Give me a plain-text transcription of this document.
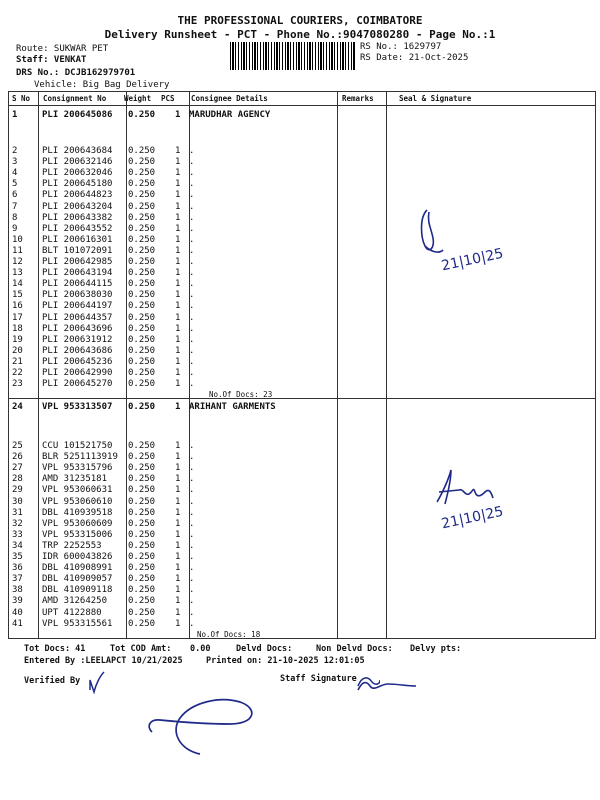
THE PROFESSIONAL COURIERS, COIMBATORE
Delivery Runsheet - PCT - Phone No.:9047080280 - Page No.:1
Route: SUKWAR PET
Staff: VENKAT
DRS No.: DCJB162979701
Vehicle: Big Bag Delivery
RS No.: 1629797
RS Date: 21-Oct-2025
S No Consignment No Weight PCS Consignee Details	Remarks	Seal & Signature
1	PLI 200645086 0.250 1 MARUDHAR AGENCY
2	PLI 200643684 0.250 1 .
3	PLI 200632146 0.250 1 .
4	PLI 200632046 0.250 1 .
5	PLI 200645180 0.250 1 .
6	PLI 200644823 0.250 1 .
7	PLI 200643204 0.250 1 .
8	PLI 200643382 0.250 1 .
9	PLI 200643552 0.250 1 .
10 PLI 200616301 0.250 1 .
11 BLT 101072091 0.250 1 .
12 PLI 200642985 0.250 1 .
13 PLI 200643194 0.250 1 .
14 PLI 200644115 0.250 1 .
15 PLI 200638030 0.250 1 .
16 PLI 200644197 0.250 1 .
17 PLI 200644357 0.250 1 .
18 PLI 200643696 0.250 1 .
19 PLI 200631912 0.250 1 .
20 PLI 200643686 0.250 1 .
21 PLI 200645236 0.250 1 .
22 PLI 200642990 0.250 1 .
23 PLI 200645270 0.250 1 .
No.Of Docs: 23
24 VPL 953313507 0.250 1 ARIHANT GARMENTS
25 CCU 101521750 0.250 1 .
26 BLR 5251113919 0.250 1 .
27 VPL 953315796 0.250 1 .
28 AMD 31235181 0.250 1 .
29 VPL 953060631 0.250 1 .
30 VPL 953060610 0.250 1 .
31 DBL 410939518 0.250 1 .
32 VPL 953060609 0.250 1 .
33 VPL 953315006 0.250 1 .
34 TRP 2252553	0.250 1 .
35 IDR 600043826 0.250 1 .
36 DBL 410908991 0.250 1 .
37 DBL 410909057 0.250 1 .
38 DBL 410909118 0.250 1 .
39 AMD 31264250 0.250 1 .
40 UPT 4122880	0.250 1 .
41 VPL 953315561 0.250 1 .
No.Of Docs: 18
21|10|25
21|10|25
Tot Docs: 41	Tot COD Amt: 0.00	Delvd Docs:	Non Delvd Docs: Delvy pts:
Entered By :LEELAPCT 10/21/2025	Printed on: 21-10-2025 12:01:05
Verified By	Staff Signature
